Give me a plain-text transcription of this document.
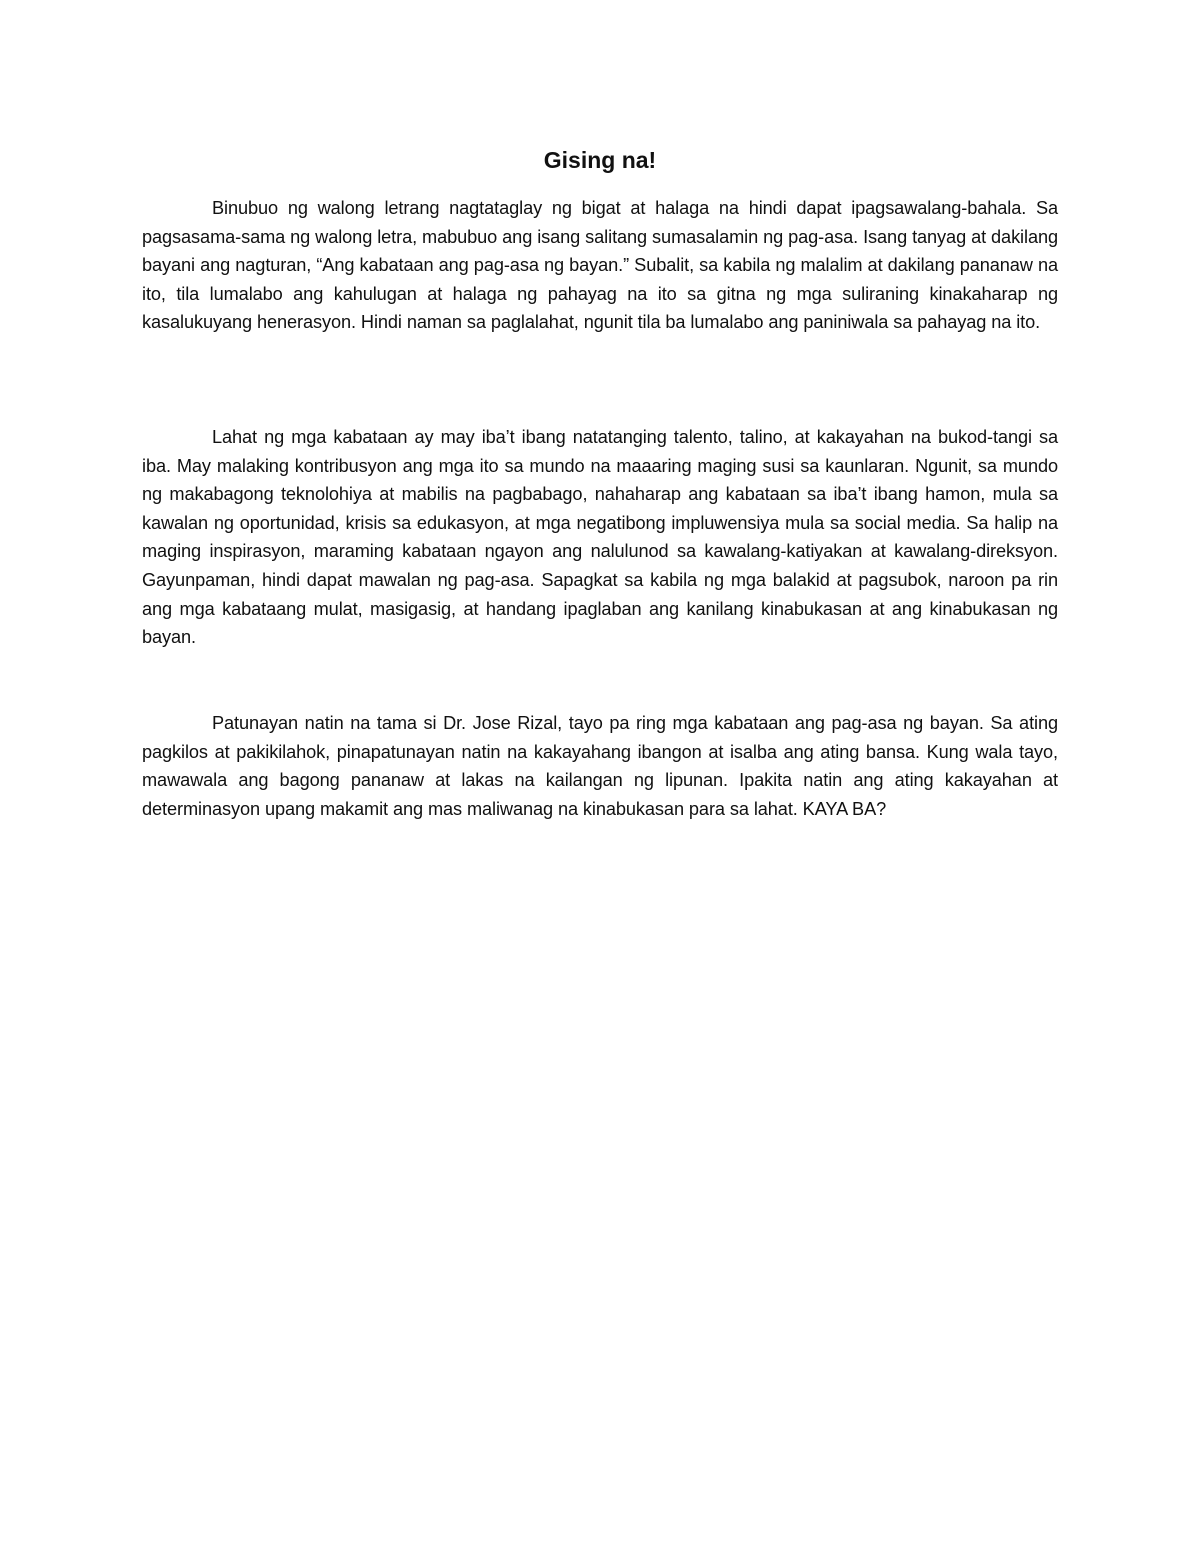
Gising na!

Binubuo ng walong letrang nagtataglay ng bigat at halaga na hindi dapat ipagsawalang-bahala. Sa pagsasama-sama ng walong letra, mabubuo ang isang salitang sumasalamin ng pag-asa. Isang tanyag at dakilang bayani ang nagturan, “Ang kabataan ang pag-asa ng bayan.” Subalit, sa kabila ng malalim at dakilang pananaw na ito, tila lumalabo ang kahulugan at halaga ng pahayag na ito sa gitna ng mga suliraning kinakaharap ng kasalukuyang henerasyon. Hindi naman sa paglalahat, ngunit tila ba lumalabo ang paniniwala sa pahayag na ito.

Lahat ng mga kabataan ay may iba’t ibang natatanging talento, talino, at kakayahan na bukod-tangi sa iba. May malaking kontribusyon ang mga ito sa mundo na maaaring maging susi sa kaunlaran. Ngunit, sa mundo ng makabagong teknolohiya at mabilis na pagbabago, nahaharap ang kabataan sa iba’t ibang hamon, mula sa kawalan ng oportunidad, krisis sa edukasyon, at mga negatibong impluwensiya mula sa social media. Sa halip na maging inspirasyon, maraming kabataan ngayon ang nalulunod sa kawalang-katiyakan at kawalang-direksyon. Gayunpaman, hindi dapat mawalan ng pag-asa. Sapagkat sa kabila ng mga balakid at pagsubok, naroon pa rin ang mga kabataang mulat, masigasig, at handang ipaglaban ang kanilang kinabukasan at ang kinabukasan ng bayan.

Patunayan natin na tama si Dr. Jose Rizal, tayo pa ring mga kabataan ang pag-asa ng bayan. Sa ating pagkilos at pakikilahok, pinapatunayan natin na kakayahang ibangon at isalba ang ating bansa. Kung wala tayo, mawawala ang bagong pananaw at lakas na kailangan ng lipunan. Ipakita natin ang ating kakayahan at determinasyon upang makamit ang mas maliwanag na kinabukasan para sa lahat. KAYA BA?
